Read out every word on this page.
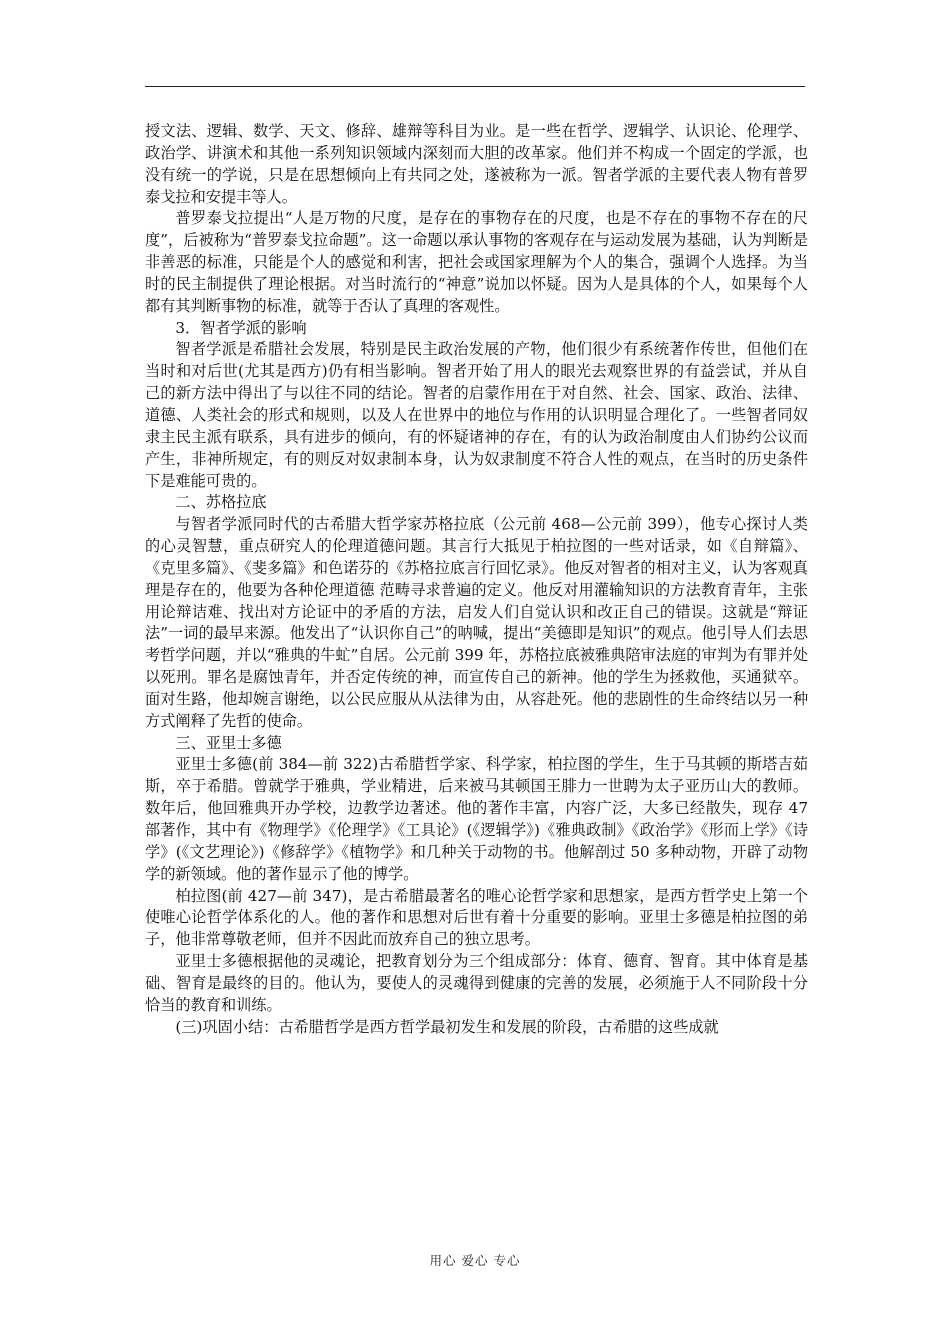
授文法、逻辑、数学、天文、修辞、雄辩等科目为业。是一些在哲学、逻辑学、认识论、伦理学、政治学、讲演术和其他一系列知识领域内深刻而大胆的改革家。他们并不构成一个固定的学派，也没有统一的学说，只是在思想倾向上有共同之处，遂被称为一派。智者学派的主要代表人物有普罗泰戈拉和安提丰等人。

普罗泰戈拉提出“人是万物的尺度，是存在的事物存在的尺度，也是不存在的事物不存在的尺度”，后被称为“普罗泰戈拉命题”。这一命题以承认事物的客观存在与运动发展为基础，认为判断是非善恶的标准，只能是个人的感觉和利害，把社会或国家理解为个人的集合，强调个人选择。为当时的民主制提供了理论根据。对当时流行的“神意”说加以怀疑。因为人是具体的个人，如果每个人都有其判断事物的标准，就等于否认了真理的客观性。

3．智者学派的影响

智者学派是希腊社会发展，特别是民主政治发展的产物，他们很少有系统著作传世，但他们在当时和对后世(尤其是西方)仍有相当影响。智者开始了用人的眼光去观察世界的有益尝试，并从自己的新方法中得出了与以往不同的结论。智者的启蒙作用在于对自然、社会、国家、政治、法律、道德、人类社会的形式和规则，以及人在世界中的地位与作用的认识明显合理化了。一些智者同奴隶主民主派有联系，具有进步的倾向，有的怀疑诸神的存在，有的认为政治制度由人们协约公议而产生，非神所规定，有的则反对奴隶制本身，认为奴隶制度不符合人性的观点，在当时的历史条件下是难能可贵的。

二、苏格拉底

与智者学派同时代的古希腊大哲学家苏格拉底（公元前 468—公元前 399），他专心探讨人类的心灵智慧，重点研究人的伦理道德问题。其言行大抵见于柏拉图的一些对话录，如《自辩篇》、《克里多篇》、《斐多篇》和色诺芬的《苏格拉底言行回忆录》。他反对智者的相对主义，认为客观真理是存在的，他要为各种伦理道德 范畴寻求普遍的定义。他反对用灌输知识的方法教育青年，主张用论辩诘难、找出对方论证中的矛盾的方法，启发人们自觉认识和改正自己的错误。这就是“辩证法”一词的最早来源。他发出了“认识你自己”的呐喊，提出“美德即是知识”的观点。他引导人们去思考哲学问题，并以“雅典的牛虻”自居。公元前 399 年，苏格拉底被雅典陪审法庭的审判为有罪并处以死刑。罪名是腐蚀青年，并否定传统的神，而宣传自己的新神。他的学生为拯救他，买通狱卒。面对生路，他却婉言谢绝，以公民应服从从法律为由，从容赴死。他的悲剧性的生命终结以另一种方式阐释了先哲的使命。

三、亚里士多德

亚里士多德(前 384—前 322)古希腊哲学家、科学家，柏拉图的学生，生于马其顿的斯塔吉茹斯，卒于希腊。曾就学于雅典，学业精进，后来被马其顿国王腓力一世聘为太子亚历山大的教师。数年后，他回雅典开办学校，边教学边著述。他的著作丰富，内容广泛，大多已经散失，现存 47 部著作，其中有《物理学》《伦理学》《工具论》(《逻辑学》)《雅典政制》《政治学》《形而上学》《诗学》(《文艺理论》)《修辞学》《植物学》和几种关于动物的书。他解剖过 50 多种动物，开辟了动物学的新领域。他的著作显示了他的博学。

柏拉图(前 427—前 347)，是古希腊最著名的唯心论哲学家和思想家，是西方哲学史上第一个使唯心论哲学体系化的人。他的著作和思想对后世有着十分重要的影响。亚里士多德是柏拉图的弟子，他非常尊敬老师，但并不因此而放弃自己的独立思考。

亚里士多德根据他的灵魂论，把教育划分为三个组成部分：体育、德育、智育。其中体育是基础、智育是最终的目的。他认为，要使人的灵魂得到健康的完善的发展，必须施于人不同阶段十分恰当的教育和训练。

(三)巩固小结：古希腊哲学是西方哲学最初发生和发展的阶段，古希腊的这些成就

用心 爱心 专心
